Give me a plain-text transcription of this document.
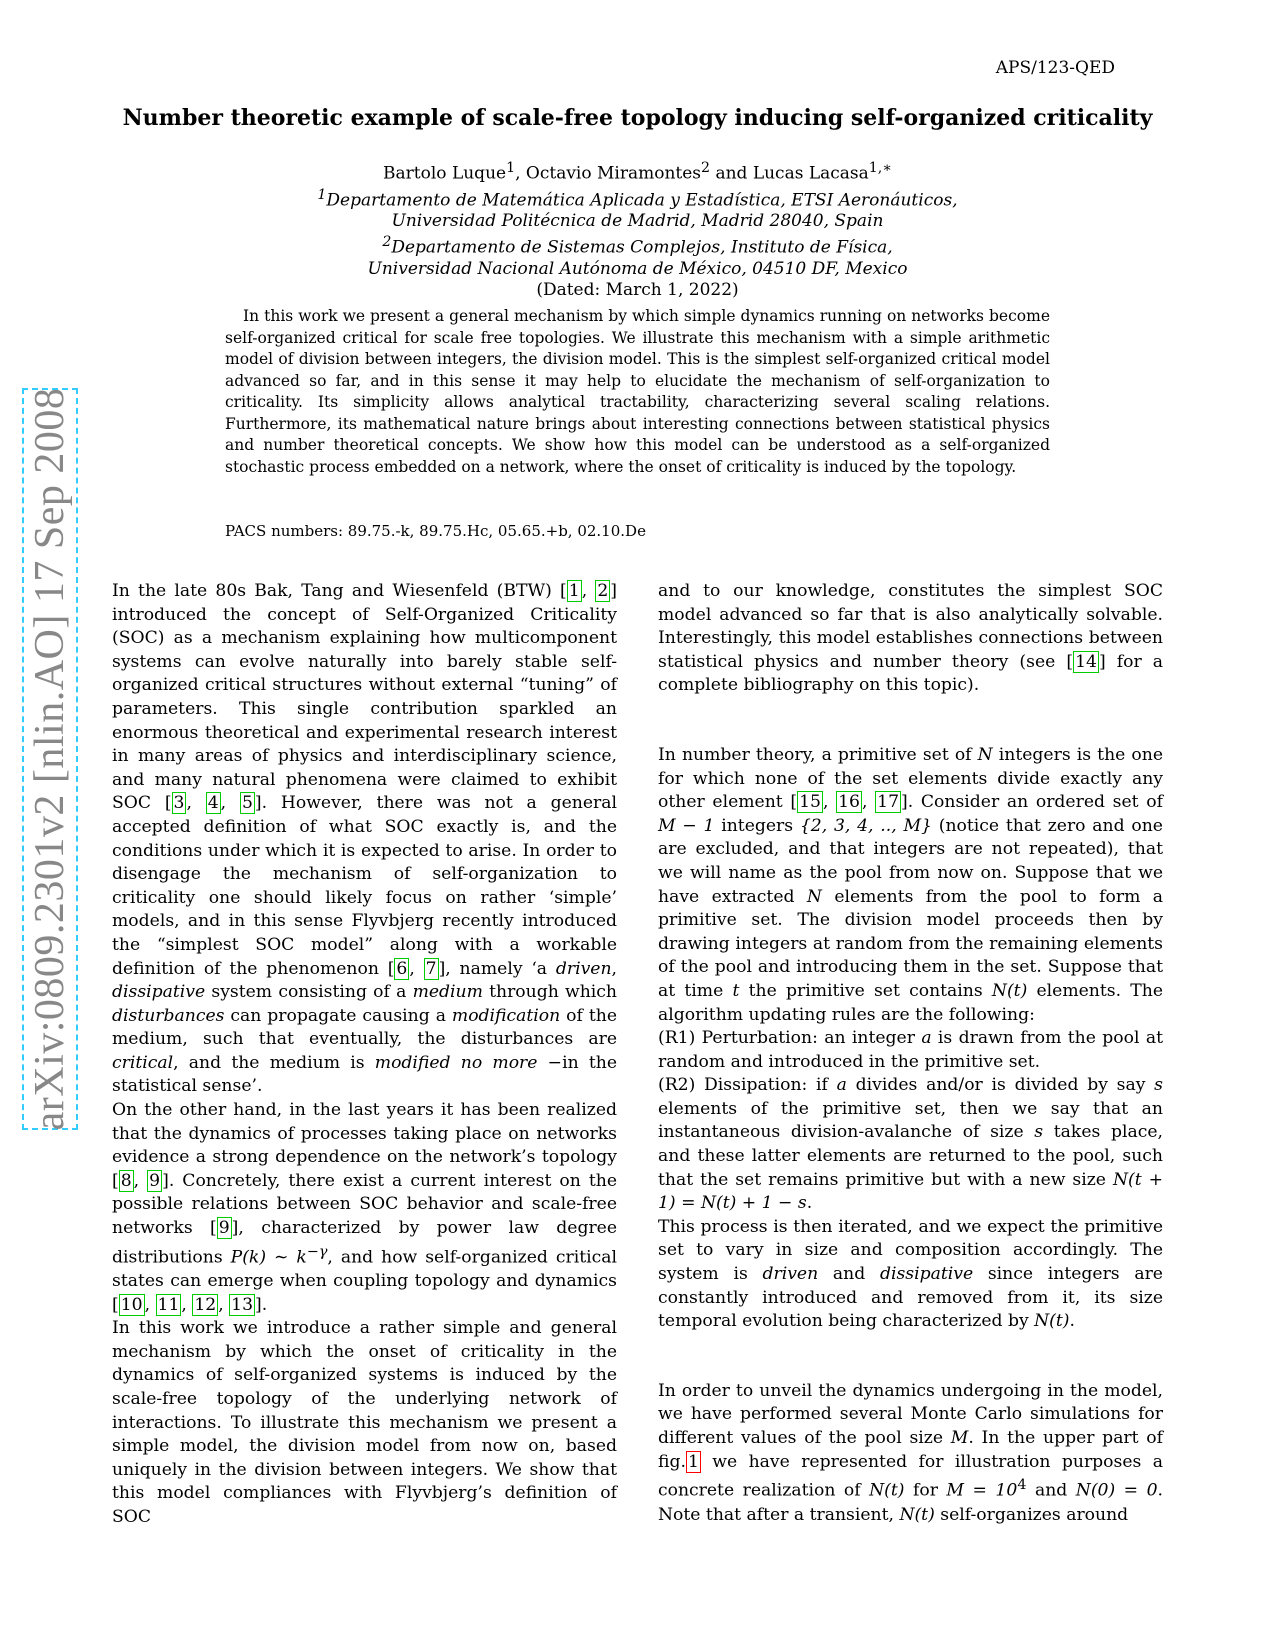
APS/123-QED
Number theoretic example of scale-free topology inducing self-organized criticality
Bartolo Luque$^1$, Octavio Miramontes$^2$ and Lucas Lacasa$^{1,∗}$
$^1$Departamento de Matemática Aplicada y Estadística, ETSI Aeronáuticos,
Universidad Politécnica de Madrid, Madrid 28040, Spain
$^2$Departamento de Sistemas Complejos, Instituto de Física,
Universidad Nacional Autónoma de México, 04510 DF, Mexico
(Dated: March 1, 2022)

In this work we present a general mechanism by which simple dynamics running on networks become self-organized critical for scale free topologies. We illustrate this mechanism with a simple arithmetic model of division between integers, the division model. This is the simplest self-organized critical model advanced so far, and in this sense it may help to elucidate the mechanism of self-organization to criticality. Its simplicity allows analytical tractability, characterizing several scaling relations. Furthermore, its mathematical nature brings about interesting connections between statistical physics and number theoretical concepts. We show how this model can be understood as a self-organized stochastic process embedded on a network, where the onset of criticality is induced by the topology.

PACS numbers: 89.75.-k, 89.75.Hc, 05.65.+b, 02.10.De

In the late 80s Bak, Tang and Wiesenfeld (BTW) [ 1 , 2 ] introduced the concept of Self-Organized Criticality (SOC) as a mechanism explaining how multicomponent systems can evolve naturally into barely stable self-organized critical structures without external “tuning” of parameters. This single contribution sparkled an enormous theoretical and experimental research interest in many areas of physics and interdisciplinary science, and many natural phenomena were claimed to exhibit SOC [ 3 , 4 , 5 ]. However, there was not a general accepted definition of what SOC exactly is, and the conditions under which it is expected to arise. In order to disengage the mechanism of self-organization to criticality one should likely focus on rather ‘simple’ models, and in this sense Flyvbjerg recently introduced the “simplest SOC model” along with a workable definition of the phenomenon [ 6 , 7 ], namely ‘a driven, dissipative system consisting of a medium through which disturbances can propagate causing a modification of the medium, such that eventually, the disturbances are critical, and the medium is modified no more −in the statistical sense’.

On the other hand, in the last years it has been realized that the dynamics of processes taking place on networks evidence a strong dependence on the network’s topology [ 8 , 9 ]. Concretely, there exist a current interest on the possible relations between SOC behavior and scale-free networks [ 9 ], characterized by power law degree distributions P(k) ∼ $k^{-\gamma}$, and how self-organized critical states can emerge when coupling topology and dynamics [ 10 , 11 , 12 , 13 ].

In this work we introduce a rather simple and general mechanism by which the onset of criticality in the dynamics of self-organized systems is induced by the scale-free topology of the underlying network of interactions. To illustrate this mechanism we present a simple model, the division model from now on, based uniquely in the division between integers. We show that this model compliances with Flyvbjerg’s definition of SOC

and to our knowledge, constitutes the simplest SOC model advanced so far that is also analytically solvable. Interestingly, this model establishes connections between statistical physics and number theory (see [ 14 ] for a complete bibliography on this topic).

In number theory, a primitive set of N integers is the one for which none of the set elements divide exactly any other element [ 15 , 16 , 17 ]. Consider an ordered set of M − 1 integers {2, 3, 4, .., M} (notice that zero and one are excluded, and that integers are not repeated), that we will name as the pool from now on. Suppose that we have extracted N elements from the pool to form a primitive set. The division model proceeds then by drawing integers at random from the remaining elements of the pool and introducing them in the set. Suppose that at time t the primitive set contains N(t) elements. The algorithm updating rules are the following:

(R1) Perturbation: an integer a is drawn from the pool at random and introduced in the primitive set.

(R2) Dissipation: if a divides and/or is divided by say s elements of the primitive set, then we say that an instantaneous division-avalanche of size s takes place, and these latter elements are returned to the pool, such that the set remains primitive but with a new size N(t + 1) = N(t) + 1 − s.

This process is then iterated, and we expect the primitive set to vary in size and composition accordingly. The system is driven and dissipative since integers are constantly introduced and removed from it, its size temporal evolution being characterized by N(t).

In order to unveil the dynamics undergoing in the model, we have performed several Monte Carlo simulations for different values of the pool size M. In the upper part of fig. 1 we have represented for illustration purposes a concrete realization of N(t) for $M = 10^4$ and N(0) = 0. Note that after a transient, N(t) self-organizes around

arXiv:0809.2301v2 [nlin.AO] 17 Sep 2008
